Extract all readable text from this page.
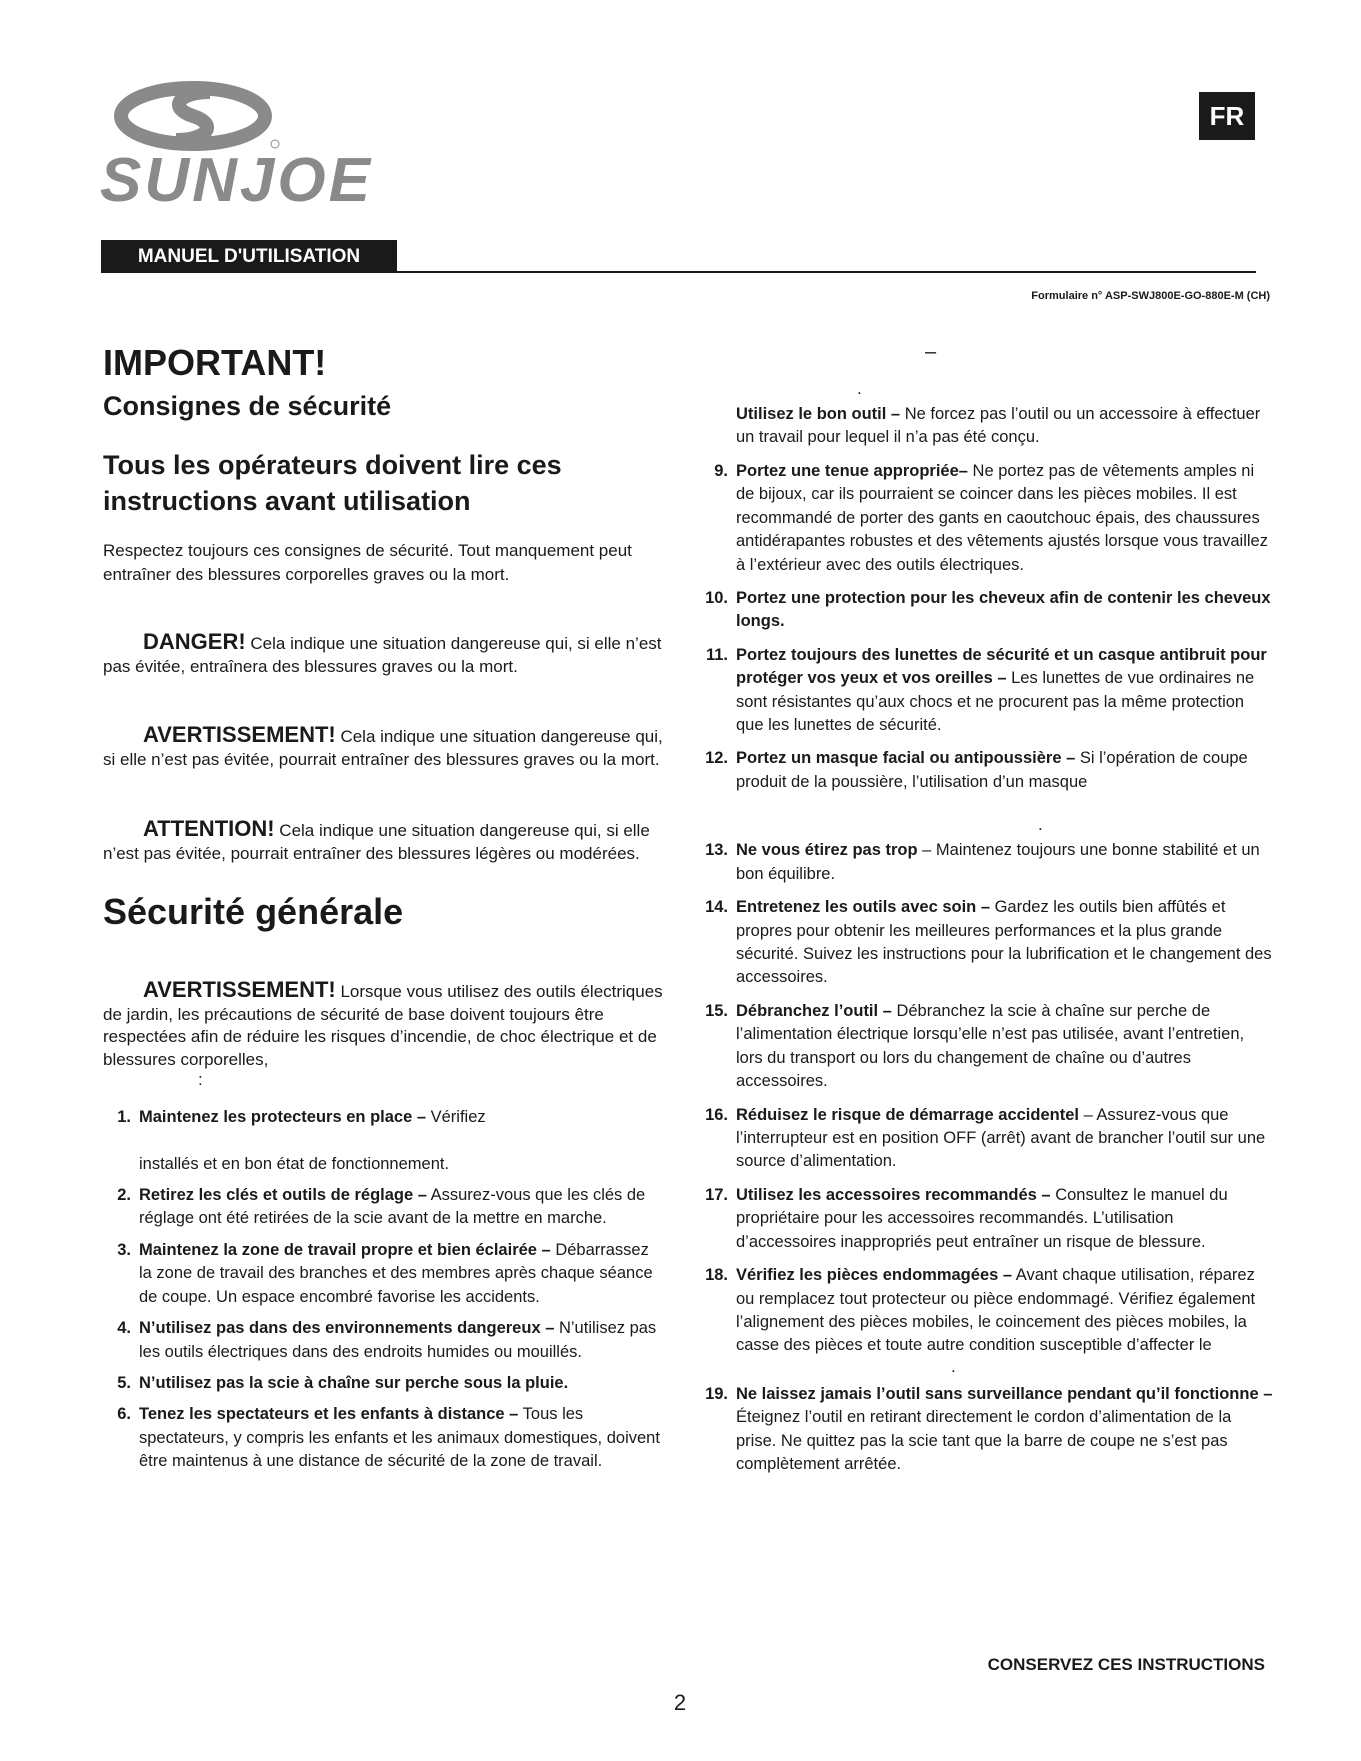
SUNJOE
FR
MANUEL D'UTILISATION
Formulaire n° ASP-SWJ800E-GO-880E-M (CH)
IMPORTANT!
Consignes de sécurité
Tous les opérateurs doivent lire ces instructions avant utilisation

Respectez toujours ces consignes de sécurité. Tout manquement peut entraîner des blessures corporelles graves ou la mort.

DANGER! Cela indique une situation dangereuse qui, si elle n’est pas évitée, entraînera des blessures graves ou la mort.

AVERTISSEMENT! Cela indique une situation dangereuse qui, si elle n’est pas évitée, pourrait entraîner des blessures graves ou la mort.

ATTENTION! Cela indique une situation dangereuse qui, si elle n’est pas évitée, pourrait entraîner des blessures légères ou modérées.

Sécurité générale

AVERTISSEMENT! Lorsque vous utilisez des outils électriques de jardin, les précautions de sécurité de base doivent toujours être respectées afin de réduire les risques d’incendie, de choc électrique et de blessures corporelles,

:

1. Maintenez les protecteurs en place – Vérifiez

installés et en bon état de fonctionnement.
2. Retirez les clés et outils de réglage – Assurez-vous que les clés de réglage ont été retirées de la scie avant de la mettre en marche.
3. Maintenez la zone de travail propre et bien éclairée – Débarrassez la zone de travail des branches et des membres après chaque séance de coupe. Un espace encombré favorise les accidents.
4. N’utilisez pas dans des environnements dangereux – N’utilisez pas les outils électriques dans des endroits humides ou mouillés.
5. N’utilisez pas la scie à chaîne sur perche sous la pluie.
6. Tenez les spectateurs et les enfants à distance – Tous les spectateurs, y compris les enfants et les animaux domestiques, doivent être maintenus à une distance de sécurité de la zone de travail.

–

.

Utilisez le bon outil – Ne forcez pas l’outil ou un accessoire à effectuer un travail pour lequel il n’a pas été conçu.
9. Portez une tenue appropriée– Ne portez pas de vêtements amples ni de bijoux, car ils pourraient se coincer dans les pièces mobiles. Il est recommandé de porter des gants en caoutchouc épais, des chaussures antidérapantes robustes et des vêtements ajustés lorsque vous travaillez à l’extérieur avec des outils électriques.
10. Portez une protection pour les cheveux afin de contenir les cheveux longs.
11. Portez toujours des lunettes de sécurité et un casque antibruit pour protéger vos yeux et vos oreilles – Les lunettes de vue ordinaires ne sont résistantes qu’aux chocs et ne procurent pas la même protection que les lunettes de sécurité.
12. Portez un masque facial ou antipoussière – Si l’opération de coupe produit de la poussière, l’utilisation d’un masque

.

13. Ne vous étirez pas trop – Maintenez toujours une bonne stabilité et un bon équilibre.
14. Entretenez les outils avec soin – Gardez les outils bien affûtés et propres pour obtenir les meilleures performances et la plus grande sécurité. Suivez les instructions pour la lubrification et le changement des accessoires.
15. Débranchez l’outil – Débranchez la scie à chaîne sur perche de l’alimentation électrique lorsqu’elle n’est pas utilisée, avant l’entretien, lors du transport ou lors du changement de chaîne ou d’autres accessoires.
16. Réduisez le risque de démarrage accidentel – Assurez-vous que l’interrupteur est en position OFF (arrêt) avant de brancher l’outil sur une source d’alimentation.
17. Utilisez les accessoires recommandés – Consultez le manuel du propriétaire pour les accessoires recommandés. L’utilisation d’accessoires inappropriés peut entraîner un risque de blessure.
18. Vérifiez les pièces endommagées – Avant chaque utilisation, réparez ou remplacez tout protecteur ou pièce endommagé. Vérifiez également l’alignement des pièces mobiles, le coincement des pièces mobiles, la casse des pièces et toute autre condition susceptible d’affecter le

.

19. Ne laissez jamais l’outil sans surveillance pendant qu’il fonctionne – Éteignez l’outil en retirant directement le cordon d’alimentation de la prise. Ne quittez pas la scie tant que la barre de coupe ne s’est pas complètement arrêtée.
CONSERVEZ CES INSTRUCTIONS
2
